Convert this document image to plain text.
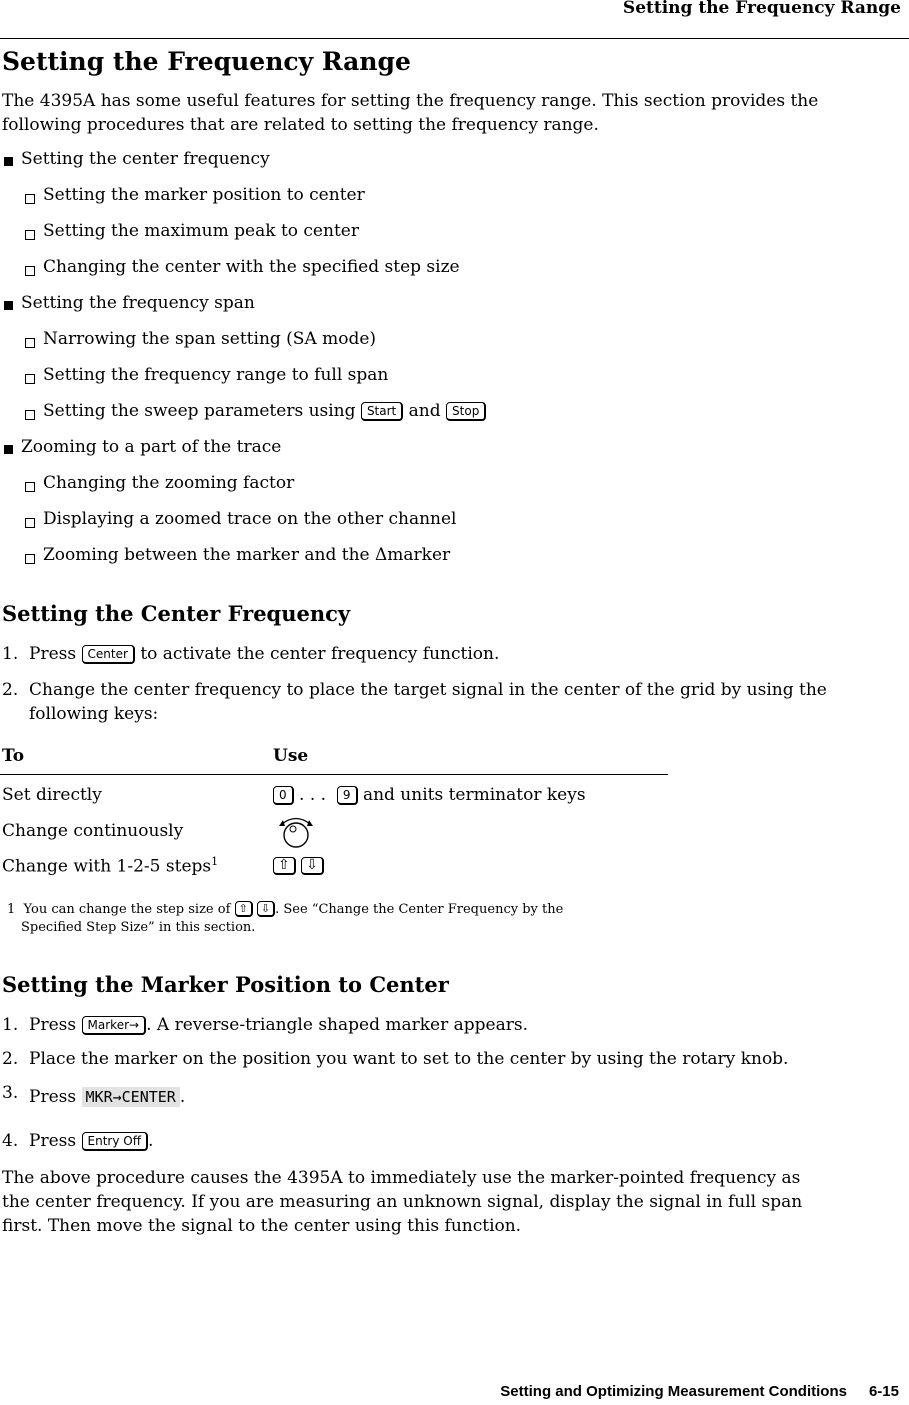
Setting the Frequency Range
Setting the Frequency Range
The 4395A has some useful features for setting the frequency range. This section provides the
following procedures that are related to setting the frequency range.
Setting the center frequency
Setting the marker position to center
Setting the maximum peak to center
Changing the center with the specified step size
Setting the frequency span
Narrowing the span setting (SA mode)
Setting the frequency range to full span
Setting the sweep parameters using Start and Stop
Zooming to a part of the trace
Changing the zooming factor
Displaying a zoomed trace on the other channel
Zooming between the marker and the Δmarker
Setting the Center Frequency
1. Press Center to activate the center frequency function.
2. Change the center frequency to place the target signal in the center of the grid by using the
following keys:
To	Use
Set directly	0 . . . 9 and units terminator keys
Change continuously
Change with 1-2-5 steps$^1$	⇧ ⇩
1 You can change the step size of ⇧ ⇩ . See “Change the Center Frequency by the
Specified Step Size” in this section.
Setting the Marker Position to Center
1. Press Marker→ . A reverse-triangle shaped marker appears.
2. Place the marker on the position you want to set to the center by using the rotary knob.
3. Press MKR→CENTER .
4. Press Entry Off .
The above procedure causes the 4395A to immediately use the marker-pointed frequency as
the center frequency. If you are measuring an unknown signal, display the signal in full span
first. Then move the signal to the center using this function.
Setting and Optimizing Measurement Conditions 6-15
